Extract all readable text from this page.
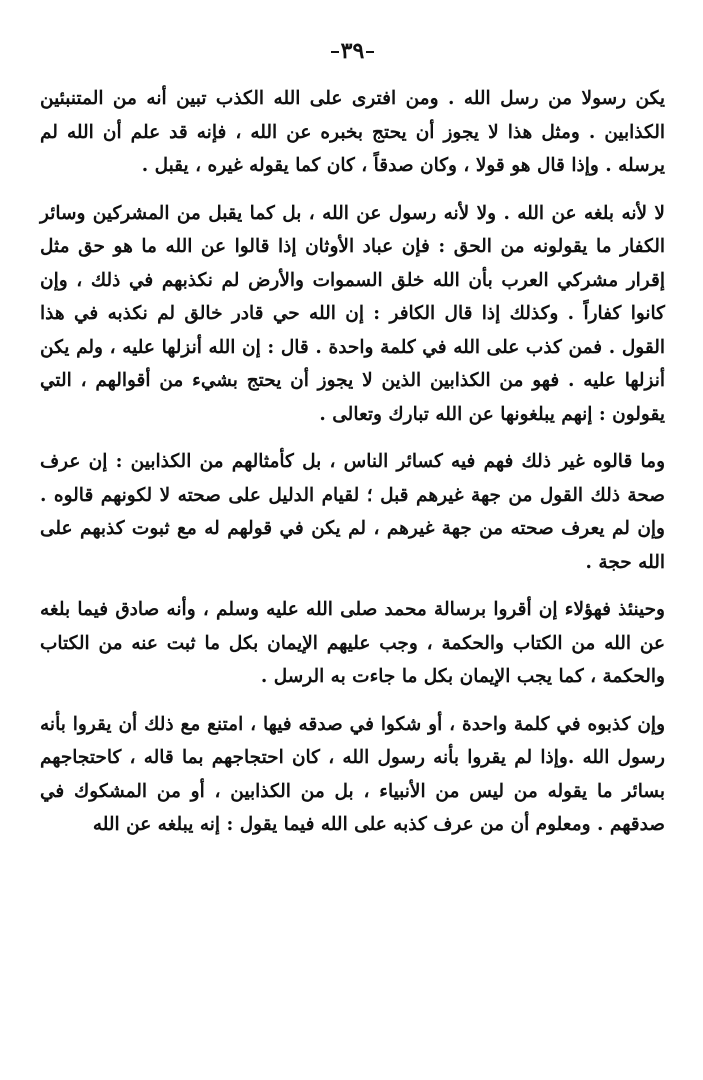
٣٩

يكن رسولا من رسل الله . ومن افترى على الله الكذب تبين أنه من المتنبئين الكذابين . ومثل هذا لا يجوز أن يحتج بخبره عن الله ، فإنه قد علم أن الله لم يرسله . وإذا قال هو قولا ، وكان صدقاً ، كان كما يقوله غيره ، يقبل .

لا لأنه بلغه عن الله . ولا لأنه رسول عن الله ، بل كما يقبل من المشركين وسائر الكفار ما يقولونه من الحق : فإن عباد الأوثان إذا قالوا عن الله ما هو حق مثل إقرار مشركي العرب بأن الله خلق السموات والأرض لم نكذبهم في ذلك ، وإن كانوا كفاراً . وكذلك إذا قال الكافر : إن الله حي قادر خالق لم نكذبه في هذا القول . فمن كذب على الله في كلمة واحدة . قال : إن الله أنزلها عليه ، ولم يكن أنزلها عليه . فهو من الكذابين الذين لا يجوز أن يحتج بشيء من أقوالهم ، التي يقولون : إنهم يبلغونها عن الله تبارك وتعالى .

وما قالوه غير ذلك فهم فيه كسائر الناس ، بل كأمثالهم من الكذابين : إن عرف صحة ذلك القول من جهة غيرهم قبل ؛ لقيام الدليل على صحته لا لكونهم قالوه . وإن لم يعرف صحته من جهة غيرهم ، لم يكن في قولهم له مع ثبوت كذبهم على الله حجة .

وحينئذ فهؤلاء إن أقروا برسالة محمد صلى الله عليه وسلم ، وأنه صادق فيما بلغه عن الله من الكتاب والحكمة ، وجب عليهم الإيمان بكل ما ثبت عنه من الكتاب والحكمة ، كما يجب الإيمان بكل ما جاءت به الرسل .

وإن كذبوه في كلمة واحدة ، أو شكوا في صدقه فيها ، امتنع مع ذلك أن يقروا بأنه رسول الله .وإذا لم يقروا بأنه رسول الله ، كان احتجاجهم بما قاله ، كاحتجاجهم بسائر ما يقوله من ليس من الأنبياء ، بل من الكذابين ، أو من المشكوك في صدقهم . ومعلوم أن من عرف كذبه على الله فيما يقول : إنه يبلغه عن الله
